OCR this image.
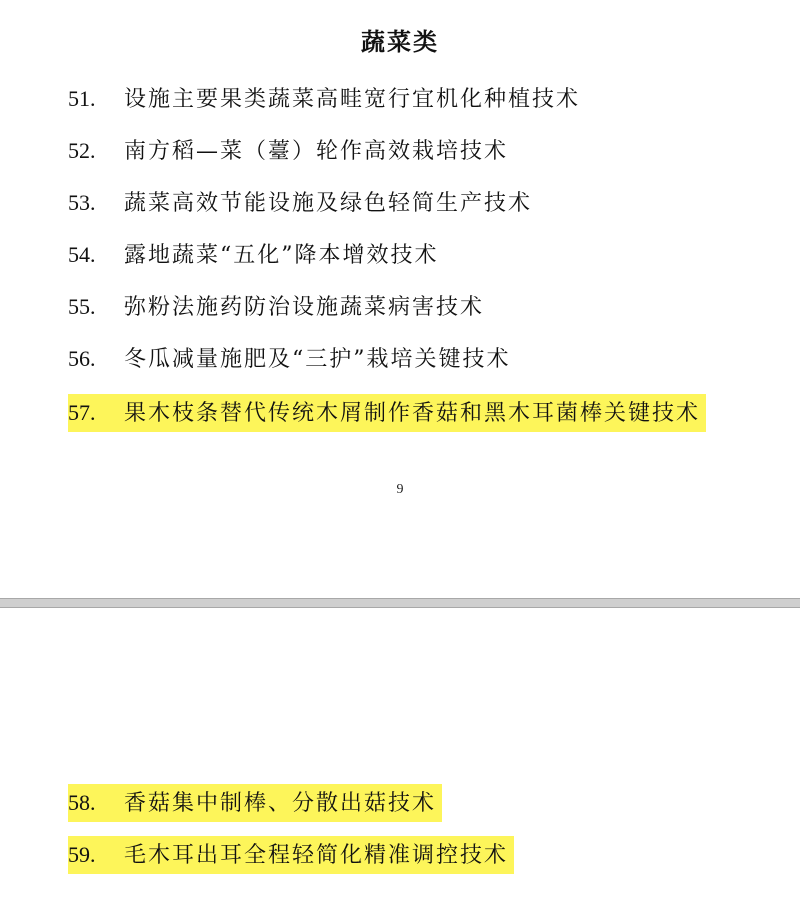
蔬菜类
51. 设施主要果类蔬菜高畦宽行宜机化种植技术
52. 南方稻—菜（薹）轮作高效栽培技术
53. 蔬菜高效节能设施及绿色轻简生产技术
54. 露地蔬菜“五化”降本增效技术
55. 弥粉法施药防治设施蔬菜病害技术
56. 冬瓜减量施肥及“三护”栽培关键技术
57. 果木枝条替代传统木屑制作香菇和黑木耳菌棒关键技术
9
58. 香菇集中制棒、分散出菇技术
59. 毛木耳出耳全程轻简化精准调控技术
